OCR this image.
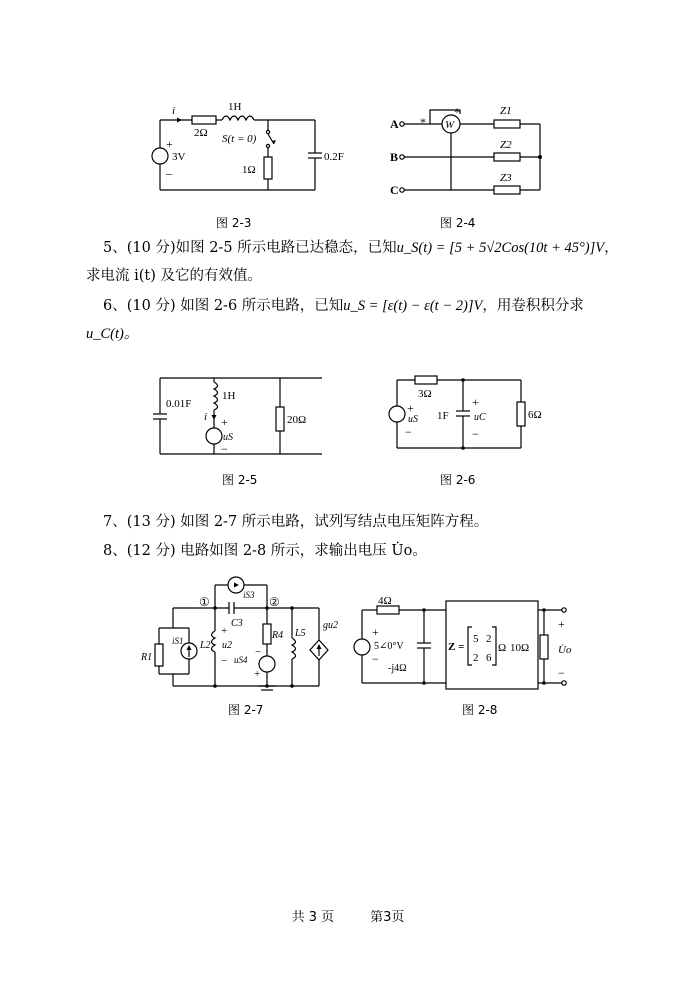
i	1H
2Ω S(t = 0)
+
3V
–	1Ω
0.2F
图 2-3
A
B
C
W
*
*	Z1
Z2
Z3
图 2-4
5、(10 分)如图 2-5 所示电路已达稳态，已知u_S(t) = [5 + 5√2Cos(10t + 45°)]V，
求电流 i(t) 及它的有效值。
6、(10 分) 如图 2-6 所示电路，已知u_S = [ε(t) − ε(t − 2)]V，用卷积积分求
u_C(t)。
0.01F
1H
i +
uS
−
20Ω
图 2-5
3Ω
+
uS
−
1F
+
uC
−
6Ω
图 2-6
7、(13 分) 如图 2-7 所示电路，试列写结点电压矩阵方程。
8、(12 分) 电路如图 2-8 所示，求输出电压 U̇o。
①	②
iS3
C3
iS1
R1
L2
+
u2
−
R4
uS4
−
+
L5
gu2
图 2-7
4Ω
+
5∠0°V
−
-j4Ω
Z =
5 2
2 6
Ω 10Ω
+
U̇o
−
图 2-8
共 3 页	第3页
